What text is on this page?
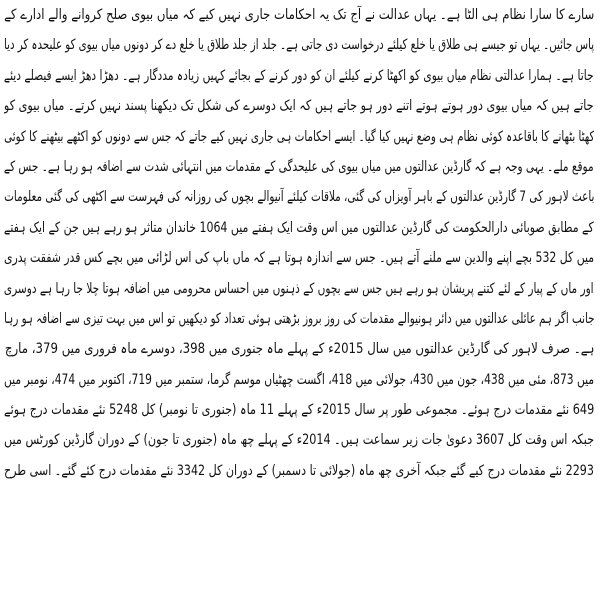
سارے کا سارا نظام ہی الٹا ہے۔ یہاں عدالت نے آج تک یہ احکامات جاری نہیں کیے کہ میاں بیوی صلح کروانے والے ادارے کے
پاس جائیں۔ یہاں تو جیسے ہی طلاق یا خلع کیلئے درخواست دی جاتی ہے۔ جلد از جلد طلاق یا خلع دے کر دونوں میاں بیوی کو علیحدہ کر دیا
جاتا ہے۔ ہمارا عدالتی نظام میاں بیوی کو اکھٹا کرنے کیلئے ان کو دور کرنے کے بجائے کہیں زیادہ مددگار ہے۔ دھڑا دھڑ ایسے فیصلے دیئے
جاتے ہیں کہ میاں بیوی دور ہوتے ہوتے اتنے دور ہو جاتے ہیں کہ ایک دوسرے کی شکل تک دیکھنا پسند نہیں کرتے۔ میاں بیوی کو
کھٹا بٹھانے کا باقاعدہ کوئی نظام ہی وضع نہیں کیا گیا۔ ایسے احکامات ہی جاری نہیں کیے جاتے کہ جس سے دونوں کو اکٹھے بیٹھنے کا کوئی
موقع ملے۔ یہی وجہ ہے کہ گارڈین عدالتوں میں میاں بیوی کی علیحدگی کے مقدمات میں انتہائی شدت سے اضافہ ہو رہا ہے۔ جس کے
باعث لاہور کی 7 گارڈین عدالتوں کے باہر آویزاں کی گئی، ملاقات کیلئے آنیوالے بچوں کی روزانہ کی فہرست سے اکٹھی کی گئی معلومات
کے مطابق صوبائی دارالحکومت کی گارڈین عدالتوں میں اس وقت ایک ہفتے میں 1064 خاندان متاثر ہو رہے ہیں جن کے ایک ہفتے
میں کل 532 بچے اپنے والدین سے ملنے آتے ہیں۔ جس سے اندازہ ہوتا ہے کہ ماں باپ کی اس لڑائی میں بچے کس قدر شفقت پدری
اور ماں کے پیار کے لئے کتنے پریشان ہو رہے ہیں جس سے بچوں کے ذہنوں میں احساس محرومی میں اضافہ ہوتا چلا جا رہا ہے دوسری
جانب اگر ہم عائلی عدالتوں میں دائر ہونیوالے مقدمات کی روز بروز بڑھتی ہوئی تعداد کو دیکھیں تو اس میں بہت تیزی سے اضافہ ہو رہا
ہے۔ صرف لاہور کی گارڈین عدالتوں میں سال 2015ء کے پہلے ماہ جنوری میں 398، دوسرے ماہ فروری میں 379، مارچ
میں 873، مئی میں 438، جون میں 430، جولائی میں 418، اگست چھٹیاں موسم گرما، ستمبر میں 719، اکتوبر میں 474، نومبر میں
649 نئے مقدمات درج ہوئے۔ مجموعی طور پر سال 2015ء کے پہلے 11 ماہ (جنوری تا نومبر) کل 5248 نئے مقدمات درج ہوئے
جبکہ اس وقت کل 3607 دعویٰ جات زیر سماعت ہیں۔ 2014ء کے پہلے چھ ماہ (جنوری تا جون) کے دوران گارڈین کورٹس میں
2293 نئے مقدمات درج کیے گئے جبکہ آخری چھ ماہ (جولائی تا دسمبر) کے دوران کل 3342 نئے مقدمات درج کئے گئے۔ اسی طرح
